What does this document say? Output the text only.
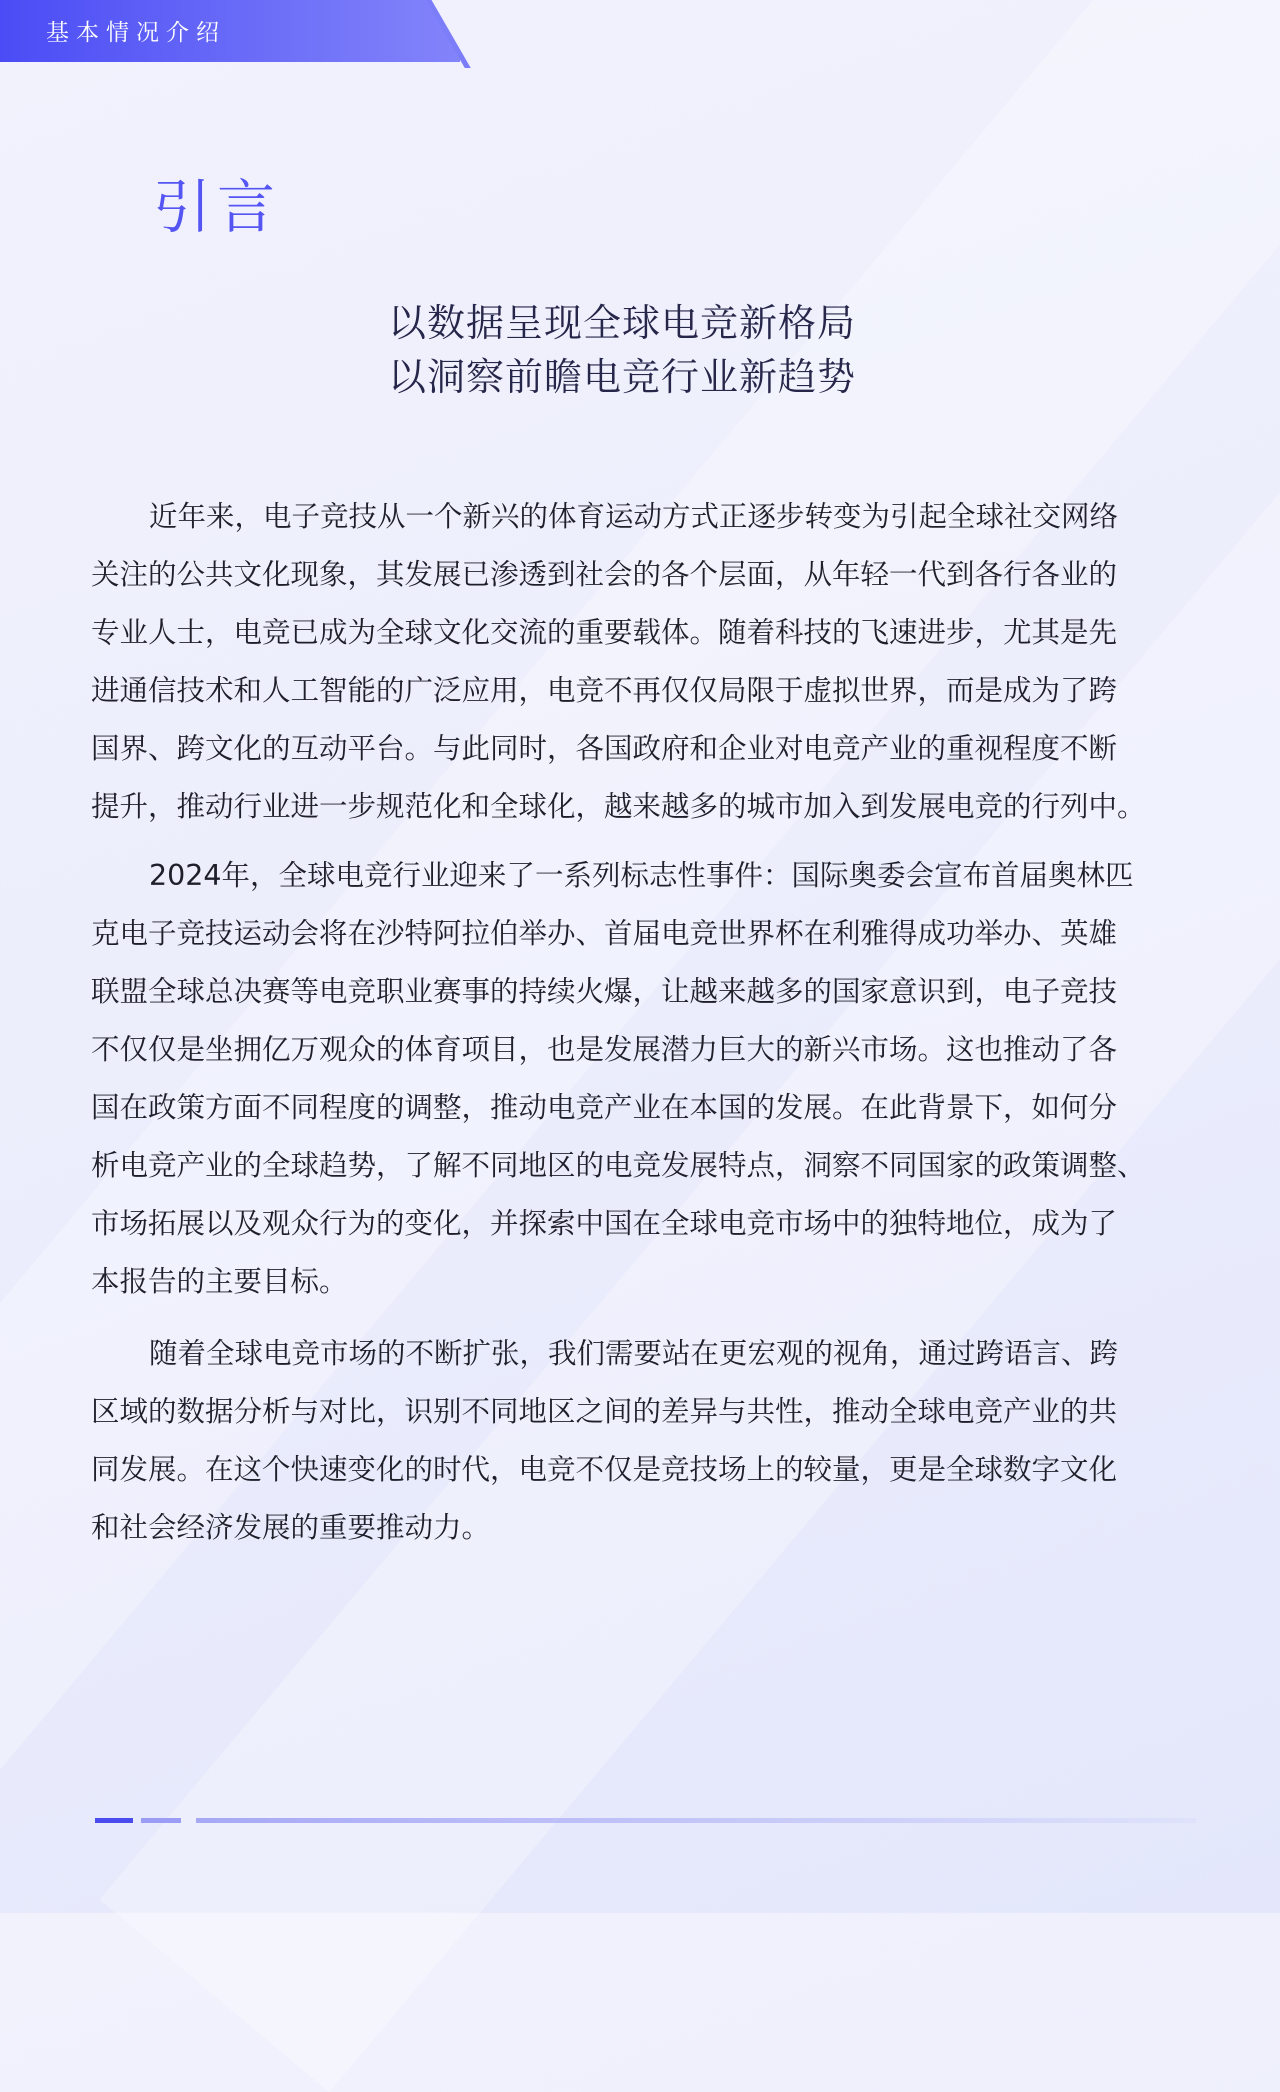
基本情况介绍
引言
以数据呈现全球电竞新格局
以洞察前瞻电竞行业新趋势
近年来，电子竞技从一个新兴的体育运动方式正逐步转变为引起全球社交网络
关注的公共文化现象，其发展已渗透到社会的各个层面，从年轻一代到各行各业的
专业人士，电竞已成为全球文化交流的重要载体。随着科技的飞速进步，尤其是先
进通信技术和人工智能的广泛应用，电竞不再仅仅局限于虚拟世界，而是成为了跨
国界、跨文化的互动平台。与此同时，各国政府和企业对电竞产业的重视程度不断
提升，推动行业进一步规范化和全球化，越来越多的城市加入到发展电竞的行列中。
2024年，全球电竞行业迎来了一系列标志性事件：国际奥委会宣布首届奥林匹
克电子竞技运动会将在沙特阿拉伯举办、首届电竞世界杯在利雅得成功举办、英雄
联盟全球总决赛等电竞职业赛事的持续火爆，让越来越多的国家意识到，电子竞技
不仅仅是坐拥亿万观众的体育项目，也是发展潜力巨大的新兴市场。这也推动了各
国在政策方面不同程度的调整，推动电竞产业在本国的发展。在此背景下，如何分
析电竞产业的全球趋势，了解不同地区的电竞发展特点，洞察不同国家的政策调整、
市场拓展以及观众行为的变化，并探索中国在全球电竞市场中的独特地位，成为了
本报告的主要目标。
随着全球电竞市场的不断扩张，我们需要站在更宏观的视角，通过跨语言、跨
区域的数据分析与对比，识别不同地区之间的差异与共性，推动全球电竞产业的共
同发展。在这个快速变化的时代，电竞不仅是竞技场上的较量，更是全球数字文化
和社会经济发展的重要推动力。
